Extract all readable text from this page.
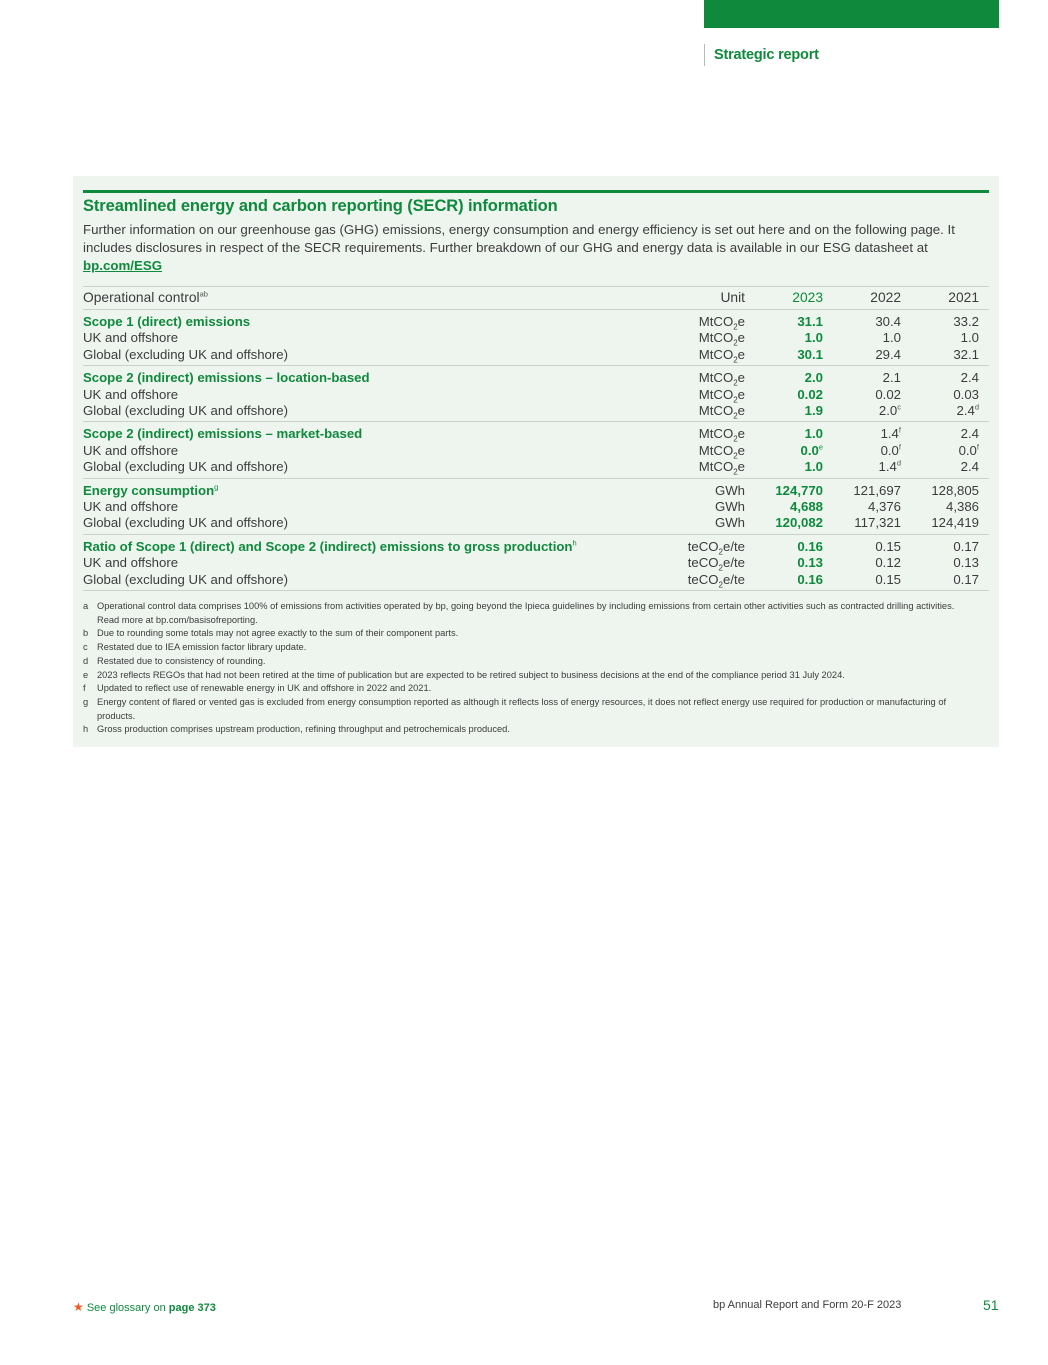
Strategic report
Streamlined energy and carbon reporting (SECR) information
Further information on our greenhouse gas (GHG) emissions, energy consumption and energy efficiency is set out here and on the following page. It includes disclosures in respect of the SECR requirements. Further breakdown of our GHG and energy data is available in our ESG datasheet at
bp.com/ESG
Operational control$^{ab}$	Unit	2023	2022	2021
Scope 1 (direct) emissions	MtCO$_2$e	31.1	30.4	33.2
UK and offshore	MtCO$_2$e	1.0	1.0	1.0
Global (excluding UK and offshore)	MtCO$_2$e	30.1	29.4	32.1
Scope 2 (indirect) emissions – location-based	MtCO$_2$e	2.0	2.1	2.4
UK and offshore	MtCO$_2$e	0.02	0.02	0.03
Global (excluding UK and offshore)	MtCO$_2$e	1.9	2.0$^c$	2.4$^d$
Scope 2 (indirect) emissions – market-based	MtCO$_2$e	1.0	1.4$^f$	2.4
UK and offshore	MtCO$_2$e	0.0e	0.0$^f$	0.0$^f$
Global (excluding UK and offshore)	MtCO$_2$e	1.0	1.4$^d$	2.4
Energy consumption$^g$	GWh	124,770	121,697	128,805
UK and offshore	GWh	4,688	4,376	4,386
Global (excluding UK and offshore)	GWh	120,082	117,321	124,419
Ratio of Scope 1 (direct) and Scope 2 (indirect) emissions to gross production$^h$	teCO$_2$e/te	0.16	0.15	0.17
UK and offshore	teCO$_2$e/te	0.13	0.12	0.13
Global (excluding UK and offshore)	teCO$_2$e/te	0.16	0.15	0.17
a Operational control data comprises 100% of emissions from activities operated by bp, going beyond the Ipieca guidelines by including emissions from certain other activities such as contracted drilling activities. Read more at bp.com/basisofreporting.
b Due to rounding some totals may not agree exactly to the sum of their component parts.
c	Restated due to IEA emission factor library update.
d Restated due to consistency of rounding.
e 2023 reflects REGOs that had not been retired at the time of publication but are expected to be retired subject to business decisions at the end of the compliance period 31 July 2024.
f	Updated to reflect use of renewable energy in UK and offshore in 2022 and 2021.
g Energy content of flared or vented gas is excluded from energy consumption reported as although it reflects loss of energy resources, it does not reflect energy use required for production or manufacturing of products.
h Gross production comprises upstream production, refining throughput and petrochemicals produced.
★ See glossary on page 373	bp Annual Report and Form 20-F 2023	51
